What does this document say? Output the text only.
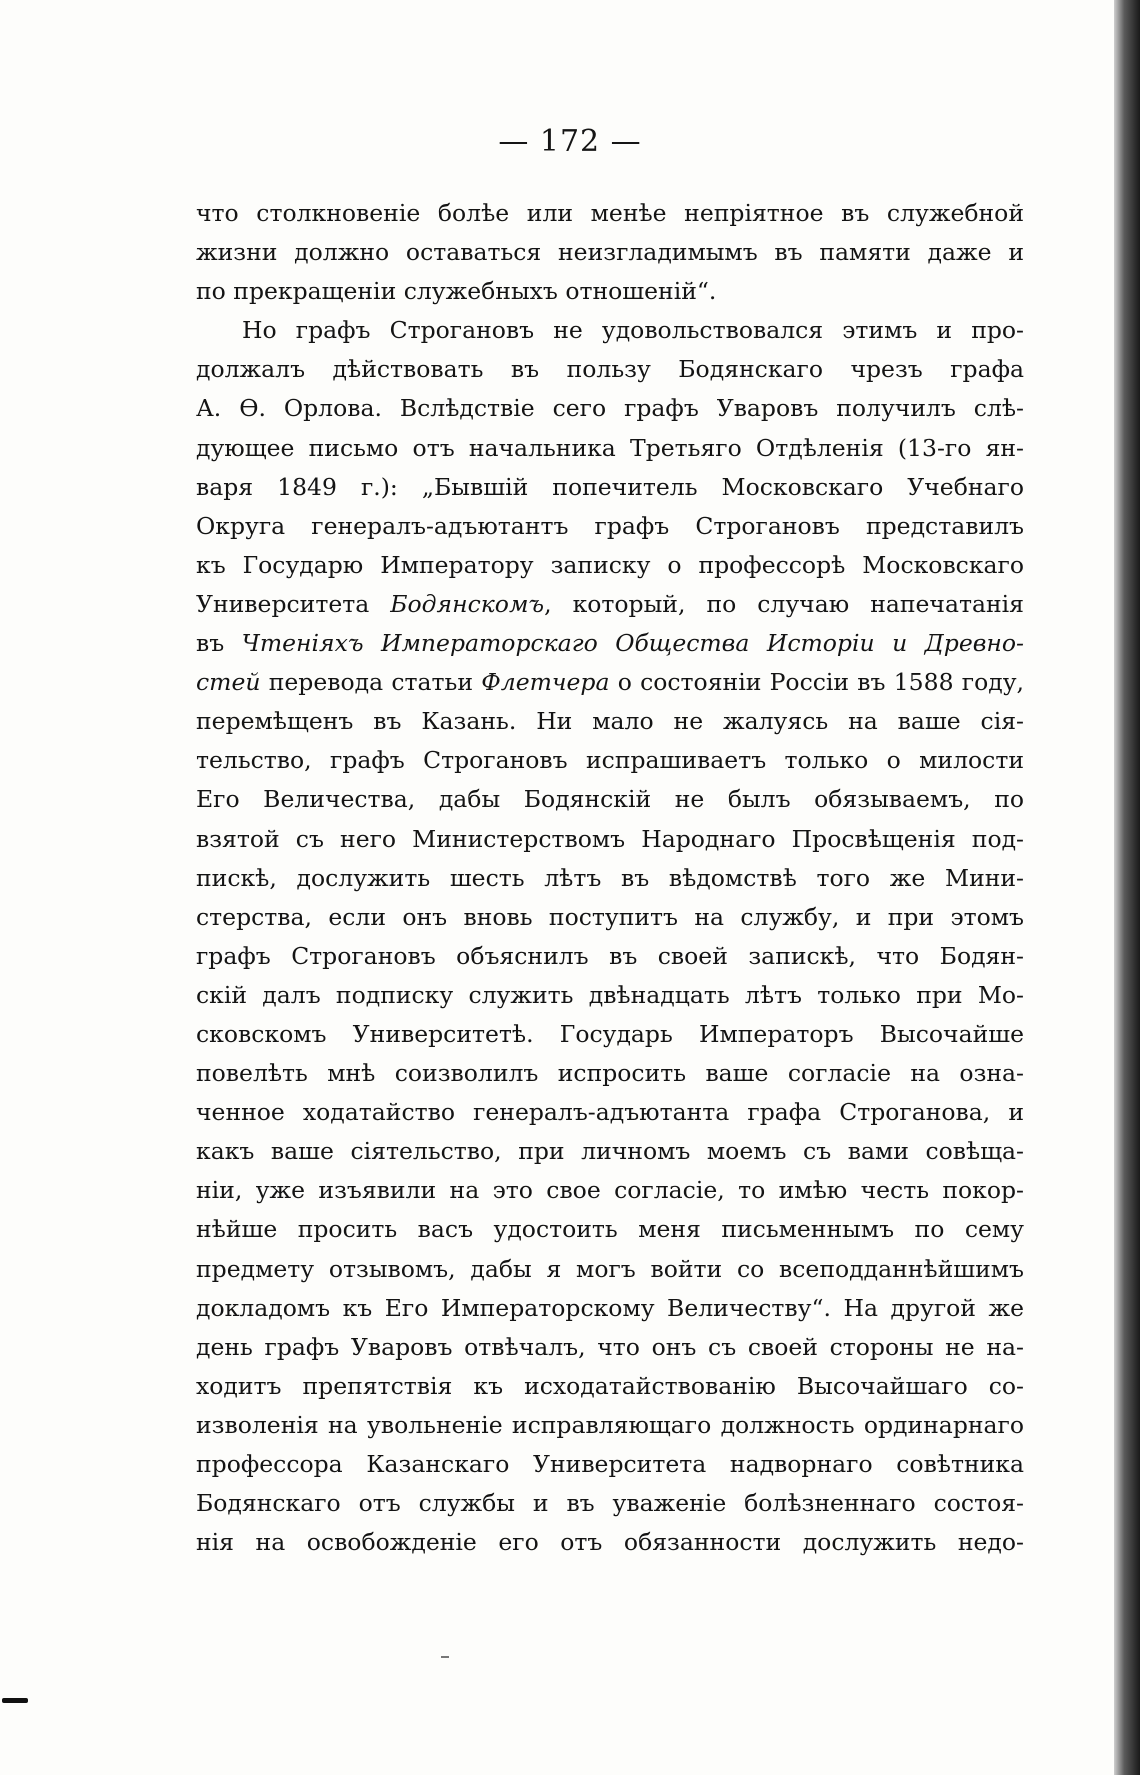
— 172 —
что столкновеніе болѣе или менѣе непріятное въ служебной
жизни должно оставаться неизгладимымъ въ памяти даже и
по прекращеніи служебныхъ отношеній“.
Но графъ Строгановъ не удовольствовался этимъ и про-
должалъ дѣйствовать въ пользу Бодянскаго чрезъ графа
А. Ѳ. Орлова. Вслѣдствіе сего графъ Уваровъ получилъ слѣ-
дующее письмо отъ начальника Третьяго Отдѣленія (13-го ян-
варя 1849 г.): „Бывшій попечитель Московскаго Учебнаго
Округа генералъ-адъютантъ графъ Строгановъ представилъ
къ Государю Императору записку о профессорѣ Московскаго
Университета Бодянскомъ, который, по случаю напечатанія
въ Чтеніяхъ Императорскаго Общества Исторіи и Древно-
стей перевода статьи Флетчера о состояніи Россіи въ 1588 году,
перемѣщенъ въ Казань. Ни мало не жалуясь на ваше сія-
тельство, графъ Строгановъ испрашиваетъ только о милости
Его Величества, дабы Бодянскій не былъ обязываемъ, по
взятой съ него Министерствомъ Народнаго Просвѣщенія под-
пискѣ, дослужить шесть лѣтъ въ вѣдомствѣ того же Мини-
стерства, если онъ вновь поступитъ на службу, и при этомъ
графъ Строгановъ объяснилъ въ своей запискѣ, что Бодян-
скій далъ подписку служить двѣнадцать лѣтъ только при Мо-
сковскомъ Университетѣ. Государь Императоръ Высочайше
повелѣть мнѣ соизволилъ испросить ваше согласіе на озна-
ченное ходатайство генералъ-адъютанта графа Строганова, и
какъ ваше сіятельство, при личномъ моемъ съ вами совѣща-
ніи, уже изъявили на это свое согласіе, то имѣю честь покор-
нѣйше просить васъ удостоить меня письменнымъ по сему
предмету отзывомъ, дабы я могъ войти со всеподданнѣйшимъ
докладомъ къ Его Императорскому Величеству“. На другой же
день графъ Уваровъ отвѣчалъ, что онъ съ своей стороны не на-
ходитъ препятствія къ исходатайствованію Высочайшаго со-
изволенія на увольненіе исправляющаго должность ординарнаго
профессора Казанскаго Университета надворнаго совѣтника
Бодянскаго отъ службы и въ уваженіе болѣзненнаго состоя-
нія на освобожденіе его отъ обязанности дослужить недо-
